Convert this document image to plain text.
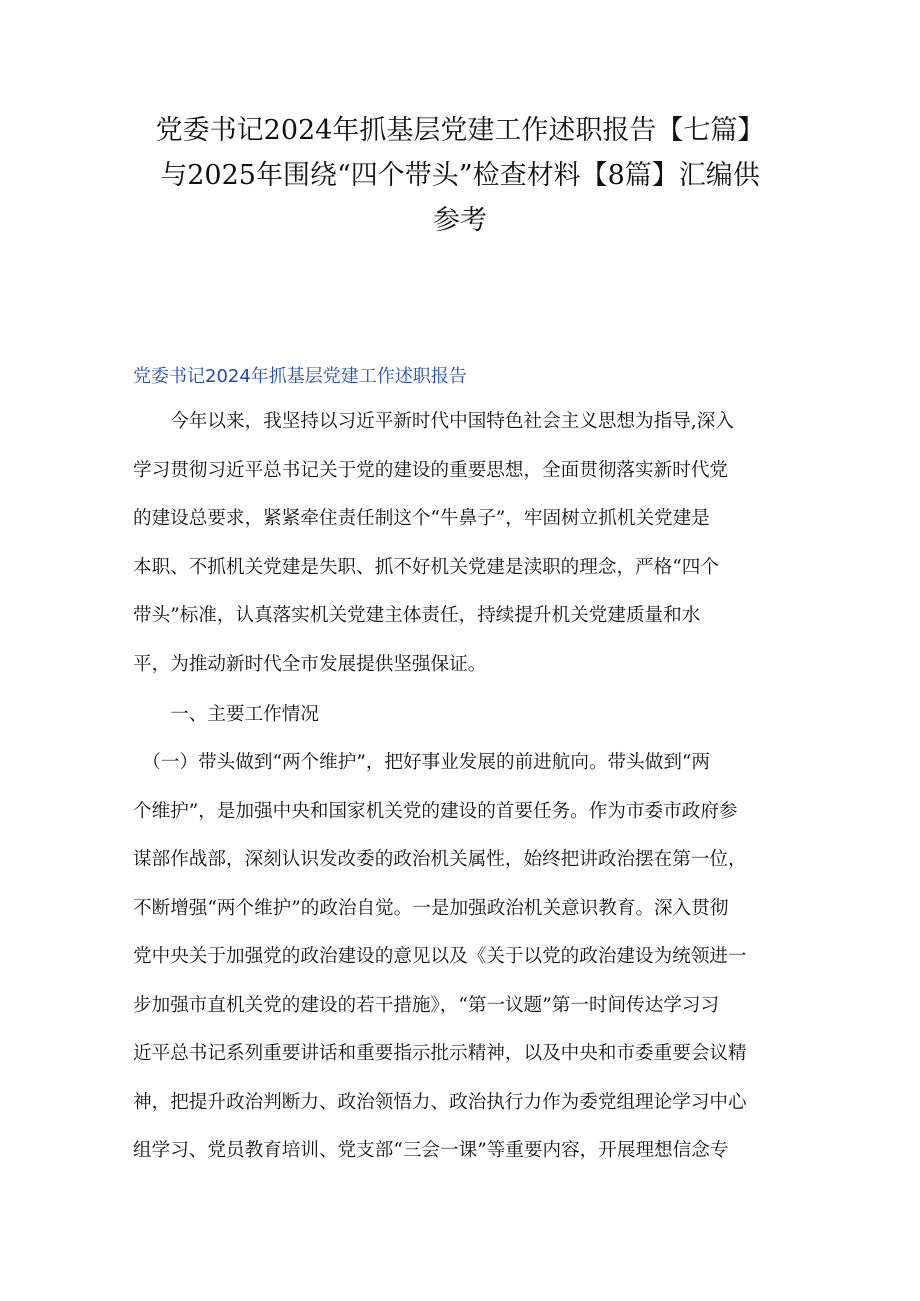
党委书记2024年抓基层党建工作述职报告【七篇】
与2025年围绕“四个带头”检查材料【8篇】汇编供
参考
党委书记2024年抓基层党建工作述职报告

　　今年以来，我坚持以习近平新时代中国特色社会主义思想为指导,深入
学习贯彻习近平总书记关于党的建设的重要思想，全面贯彻落实新时代党
的建设总要求，紧紧牵住责任制这个“牛鼻子”，牢固树立抓机关党建是
本职、不抓机关党建是失职、抓不好机关党建是渎职的理念，严格“四个
带头”标准，认真落实机关党建主体责任，持续提升机关党建质量和水
平，为推动新时代全市发展提供坚强保证。

　　一、主要工作情况

　（一）带头做到“两个维护”，把好事业发展的前进航向。带头做到“两
个维护”，是加强中央和国家机关党的建设的首要任务。作为市委市政府参
谋部作战部，深刻认识发改委的政治机关属性，始终把讲政治摆在第一位，
不断增强“两个维护”的政治自觉。一是加强政治机关意识教育。深入贯彻
党中央关于加强党的政治建设的意见以及《关于以党的政治建设为统领进一
步加强市直机关党的建设的若干措施》，“第一议题”第一时间传达学习习
近平总书记系列重要讲话和重要指示批示精神，以及中央和市委重要会议精
神，把提升政治判断力、政治领悟力、政治执行力作为委党组理论学习中心
组学习、党员教育培训、党支部“三会一课”等重要内容，开展理想信念专
